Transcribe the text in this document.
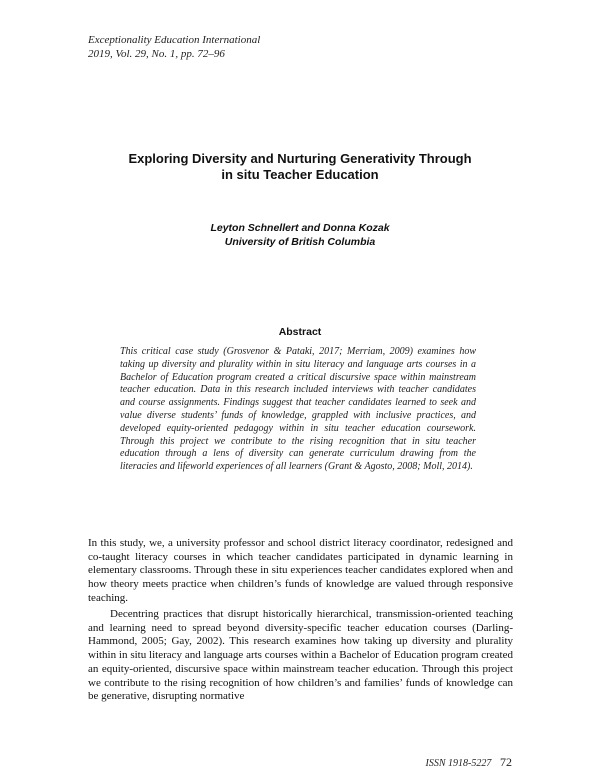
Exceptionality Education International
2019, Vol. 29, No. 1, pp. 72–96
Exploring Diversity and Nurturing Generativity Through
in situ Teacher Education
Leyton Schnellert and Donna Kozak
University of British Columbia
Abstract
This critical case study (Grosvenor & Pataki, 2017; Merriam, 2009) examines how taking up diversity and plurality within in situ literacy and language arts courses in a Bachelor of Education program created a critical discursive space within mainstream teacher education. Data in this research included interviews with teacher candidates and course assignments. Findings suggest that teacher candidates learned to seek and value diverse students’ funds of knowledge, grappled with inclusive practices, and developed equity-oriented pedagogy within in situ teacher education coursework. Through this project we contribute to the rising recognition that in situ teacher education through a lens of diversity can generate curriculum drawing from the literacies and lifeworld experiences of all learners (Grant & Agosto, 2008; Moll, 2014).
In this study, we, a university professor and school district literacy coordinator, redesigned and co-taught literacy courses in which teacher candidates participated in dynamic learning in elementary classrooms. Through these in situ experiences teacher candidates explored when and how theory meets practice when children’s funds of knowledge are valued through responsive teaching.
Decentring practices that disrupt historically hierarchical, transmission-oriented teaching and learning need to spread beyond diversity-specific teacher education courses (Darling-Hammond, 2005; Gay, 2002). This research examines how taking up diversity and plurality within in situ literacy and language arts courses within a Bachelor of Education program created an equity-oriented, discursive space within mainstream teacher education. Through this project we contribute to the rising recognition of how children’s and families’ funds of knowledge can be generative, disrupting normative
ISSN 1918-5227 72
